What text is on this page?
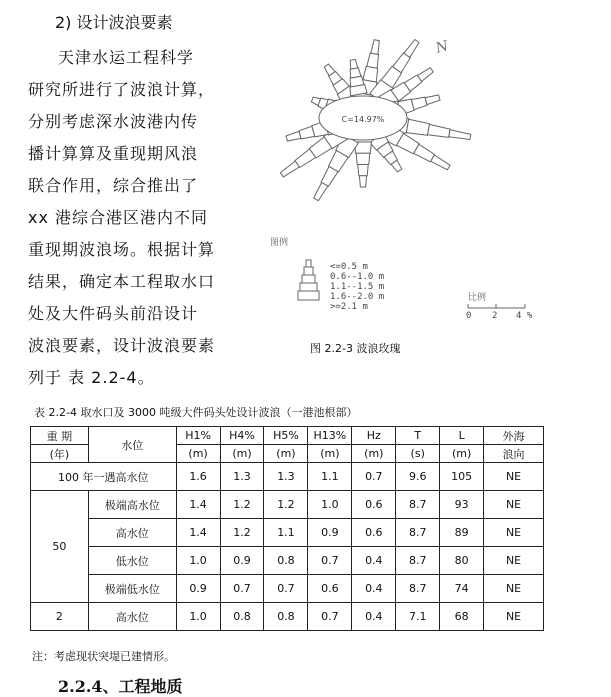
2) 设计波浪要素

天津水运工程科学

研究所进行了波浪计算，

分别考虑深水波港内传

播计算算及重现期风浪

联合作用，综合推出了

xx 港综合港区港内不同

重现期波浪场。根据计算

结果，确定本工程取水口

处及大件码头前沿设计

波浪要素，设计波浪要素

列于 表 2.2-4。

C=14.97%
N
图例
比例
<=0.5 m
0.6--1.0 m
1.1--1.5 m
1.6--2.0 m
>=2.1 m
0 2 4 %
图 2.2-3 波浪玫瑰
表 2.2-4 取水口及 3000 吨级大件码头处设计波浪（一港池根部）
重 期	水位	H1%	H4%	H5%	H13%	Hz	T	L	外海
(年)		(m)	(m)	(m)	(m)	(m)	(s)	(m)	浪向
100 年一遇高水位		1.6	1.3	1.3	1.1	0.7	9.6	105	NE
50	极端高水位	1.4	1.2	1.2	1.0	0.6	8.7	93	NE
	高水位	1.4	1.2	1.1	0.9	0.6	8.7	89	NE
	低水位	1.0	0.9	0.8	0.7	0.4	8.7	80	NE
	极端低水位	0.9	0.7	0.7	0.6	0.4	8.7	74	NE
2	高水位	1.0	0.8	0.8	0.7	0.4	7.1	68	NE
注：考虑现状突堤已建情形。
2.2.4、工程地质
